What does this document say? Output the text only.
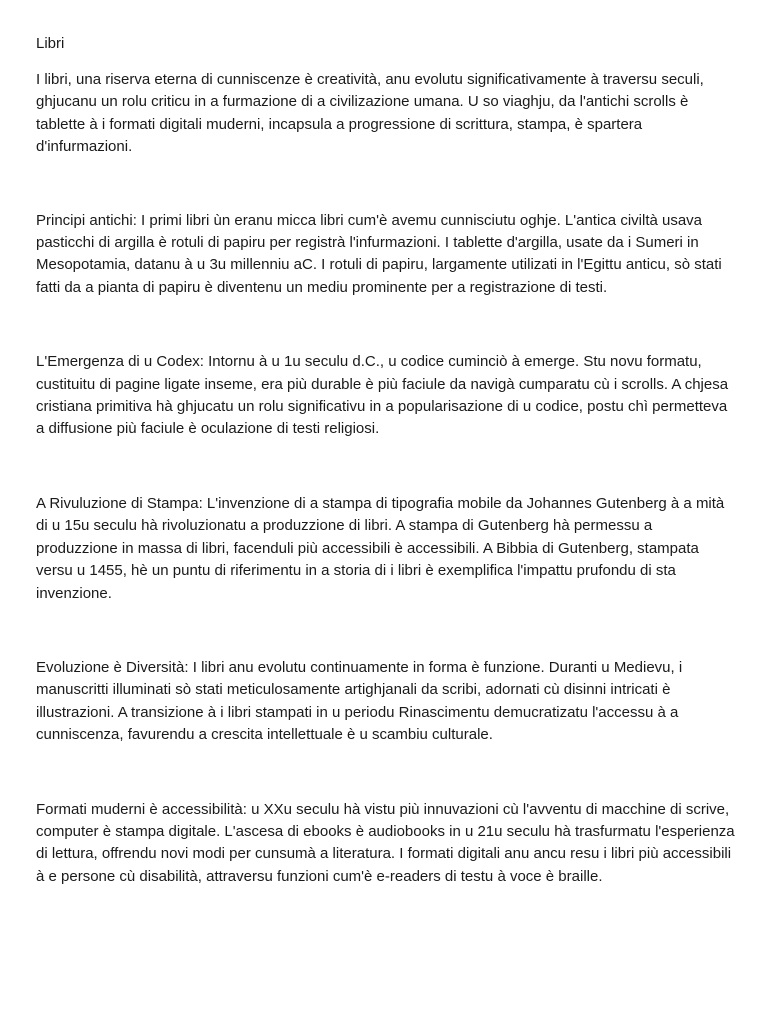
Libri

I libri, una riserva eterna di cunniscenze è creatività, anu evolutu significativamente à traversu seculi, ghjucanu un rolu criticu in a furmazione di a civilizazione umana. U so viaghju, da l'antichi scrolls è tablette à i formati digitali muderni, incapsula a progressione di scrittura, stampa, è spartera d'infurmazioni.

Principi antichi: I primi libri ùn eranu micca libri cum'è avemu cunnisciutu oghje. L'antica civiltà usava pasticchi di argilla è rotuli di papiru per registrà l'infurmazioni. I tablette d'argilla, usate da i Sumeri in Mesopotamia, datanu à u 3u millenniu aC. I rotuli di papiru, largamente utilizati in l'Egittu anticu, sò stati fatti da a pianta di papiru è diventenu un mediu prominente per a registrazione di testi.

L'Emergenza di u Codex: Intornu à u 1u seculu d.C., u codice cuminciò à emerge. Stu novu formatu, custituitu di pagine ligate inseme, era più durable è più faciule da navigà cumparatu cù i scrolls. A chjesa cristiana primitiva hà ghjucatu un rolu significativu in a popularisazione di u codice, postu chì permetteva a diffusione più faciule è oculazione di testi religiosi.

A Rivuluzione di Stampa: L'invenzione di a stampa di tipografia mobile da Johannes Gutenberg à a mità di u 15u seculu hà rivoluzionatu a produzzione di libri. A stampa di Gutenberg hà permessu a produzzione in massa di libri, facenduli più accessibili è accessibili. A Bibbia di Gutenberg, stampata versu u 1455, hè un puntu di riferimentu in a storia di i libri è exemplifica l'impattu prufondu di sta invenzione.

Evoluzione è Diversità: I libri anu evolutu continuamente in forma è funzione. Duranti u Medievu, i manuscritti illuminati sò stati meticulosamente artighjanali da scribi, adornati cù disinni intricati è illustrazioni. A transizione à i libri stampati in u periodu Rinascimentu demucratizatu l'accessu à a cunniscenza, favurendu a crescita intellettuale è u scambiu culturale.

Formati muderni è accessibilità: u XXu seculu hà vistu più innuvazioni cù l'avventu di macchine di scrive, computer è stampa digitale. L'ascesa di ebooks è audiobooks in u 21u seculu hà trasfurmatu l'esperienza di lettura, offrendu novi modi per cunsumà a literatura. I formati digitali anu ancu resu i libri più accessibili à e persone cù disabilità, attraversu funzioni cum'è e-readers di testu à voce è braille.
